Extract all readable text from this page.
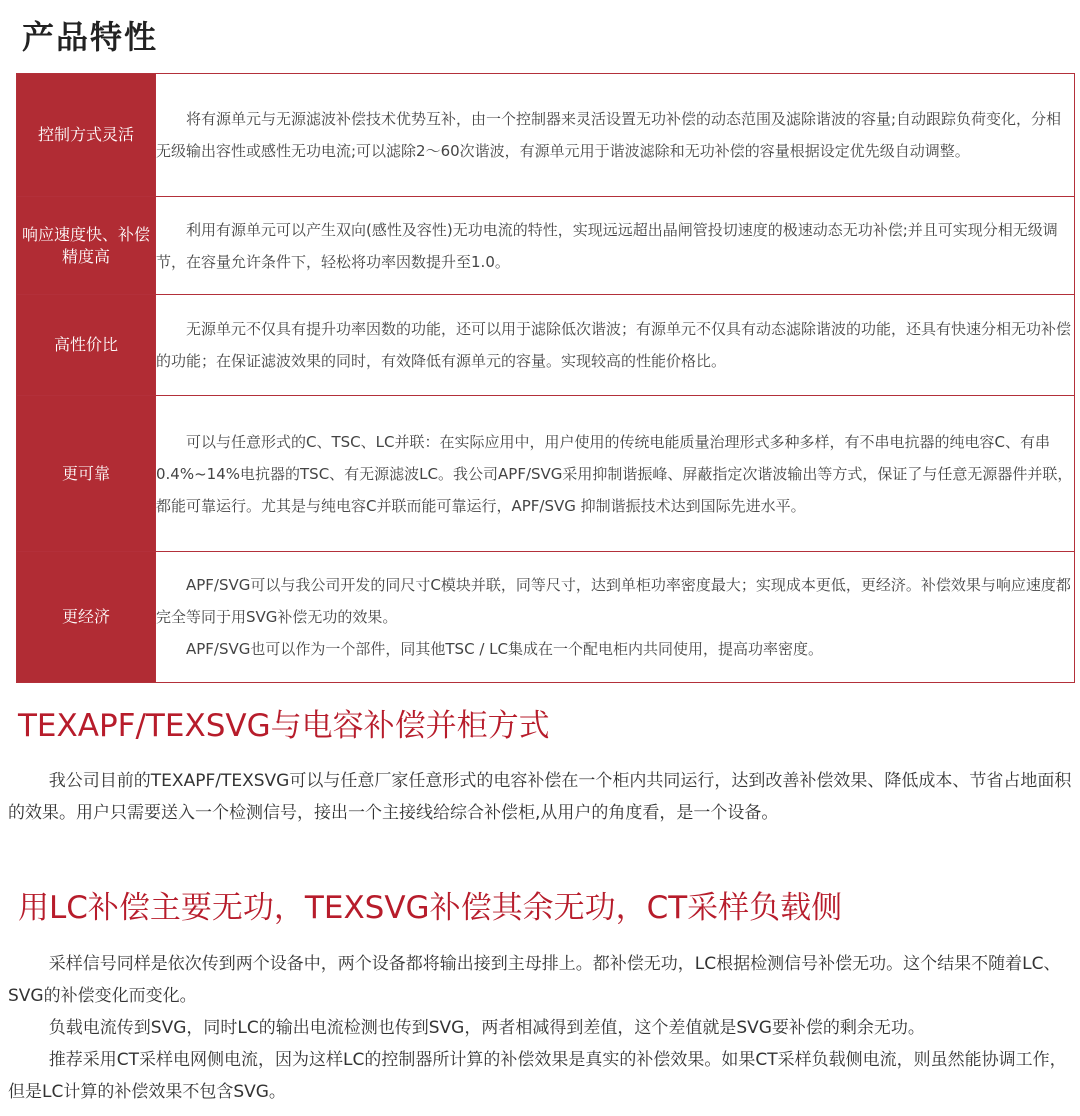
产品特性
控制方式灵活	将有源单元与无源滤波补偿技术优势互补，由一个控制器来灵活设置无功补偿的动态范围及滤除谐波的容量;自动跟踪负荷变化，分相无级输出容性或感性无功电流;可以滤除2～60次谐波，有源单元用于谐波滤除和无功补偿的容量根据设定优先级自动调整。

响应速度快、补偿精度高	利用有源单元可以产生双向(感性及容性)无功电流的特性，实现远远超出晶闸管投切速度的极速动态无功补偿;并且可实现分相无级调节，在容量允许条件下，轻松将功率因数提升至1.0。

高性价比	无源单元不仅具有提升功率因数的功能，还可以用于滤除低次谐波；有源单元不仅具有动态滤除谐波的功能，还具有快速分相无功补偿的功能；在保证滤波效果的同时，有效降低有源单元的容量。实现较高的性能价格比。

更可靠	可以与任意形式的C、TSC、LC并联：在实际应用中，用户使用的传统电能质量治理形式多种多样，有不串电抗器的纯电容C、有串0.4%~14%电抗器的TSC、有无源滤波LC。我公司APF/SVG采用抑制谐振峰、屏蔽指定次谐波输出等方式，保证了与任意无源器件并联，都能可靠运行。尤其是与纯电容C并联而能可靠运行，APF/SVG 抑制谐振技术达到国际先进水平。

更经济	APF/SVG可以与我公司开发的同尺寸C模块并联，同等尺寸，达到单柜功率密度最大；实现成本更低，更经济。补偿效果与响应速度都完全等同于用SVG补偿无功的效果。

APF/SVG也可以作为一个部件，同其他TSC / LC集成在一个配电柜内共同使用，提高功率密度。

TEXAPF/TEXSVG与电容补偿并柜方式

我公司目前的TEXAPF/TEXSVG可以与任意厂家任意形式的电容补偿在一个柜内共同运行，达到改善补偿效果、降低成本、节省占地面积的效果。用户只需要送入一个检测信号，接出一个主接线给综合补偿柜,从用户的角度看，是一个设备。

用LC补偿主要无功，TEXSVG补偿其余无功，CT采样负载侧

采样信号同样是依次传到两个设备中，两个设备都将输出接到主母排上。都补偿无功，LC根据检测信号补偿无功。这个结果不随着LC、SVG的补偿变化而变化。

负载电流传到SVG，同时LC的输出电流检测也传到SVG，两者相减得到差值，这个差值就是SVG要补偿的剩余无功。

推荐采用CT采样电网侧电流，因为这样LC的控制器所计算的补偿效果是真实的补偿效果。如果CT采样负载侧电流，则虽然能协调工作，但是LC计算的补偿效果不包含SVG。
